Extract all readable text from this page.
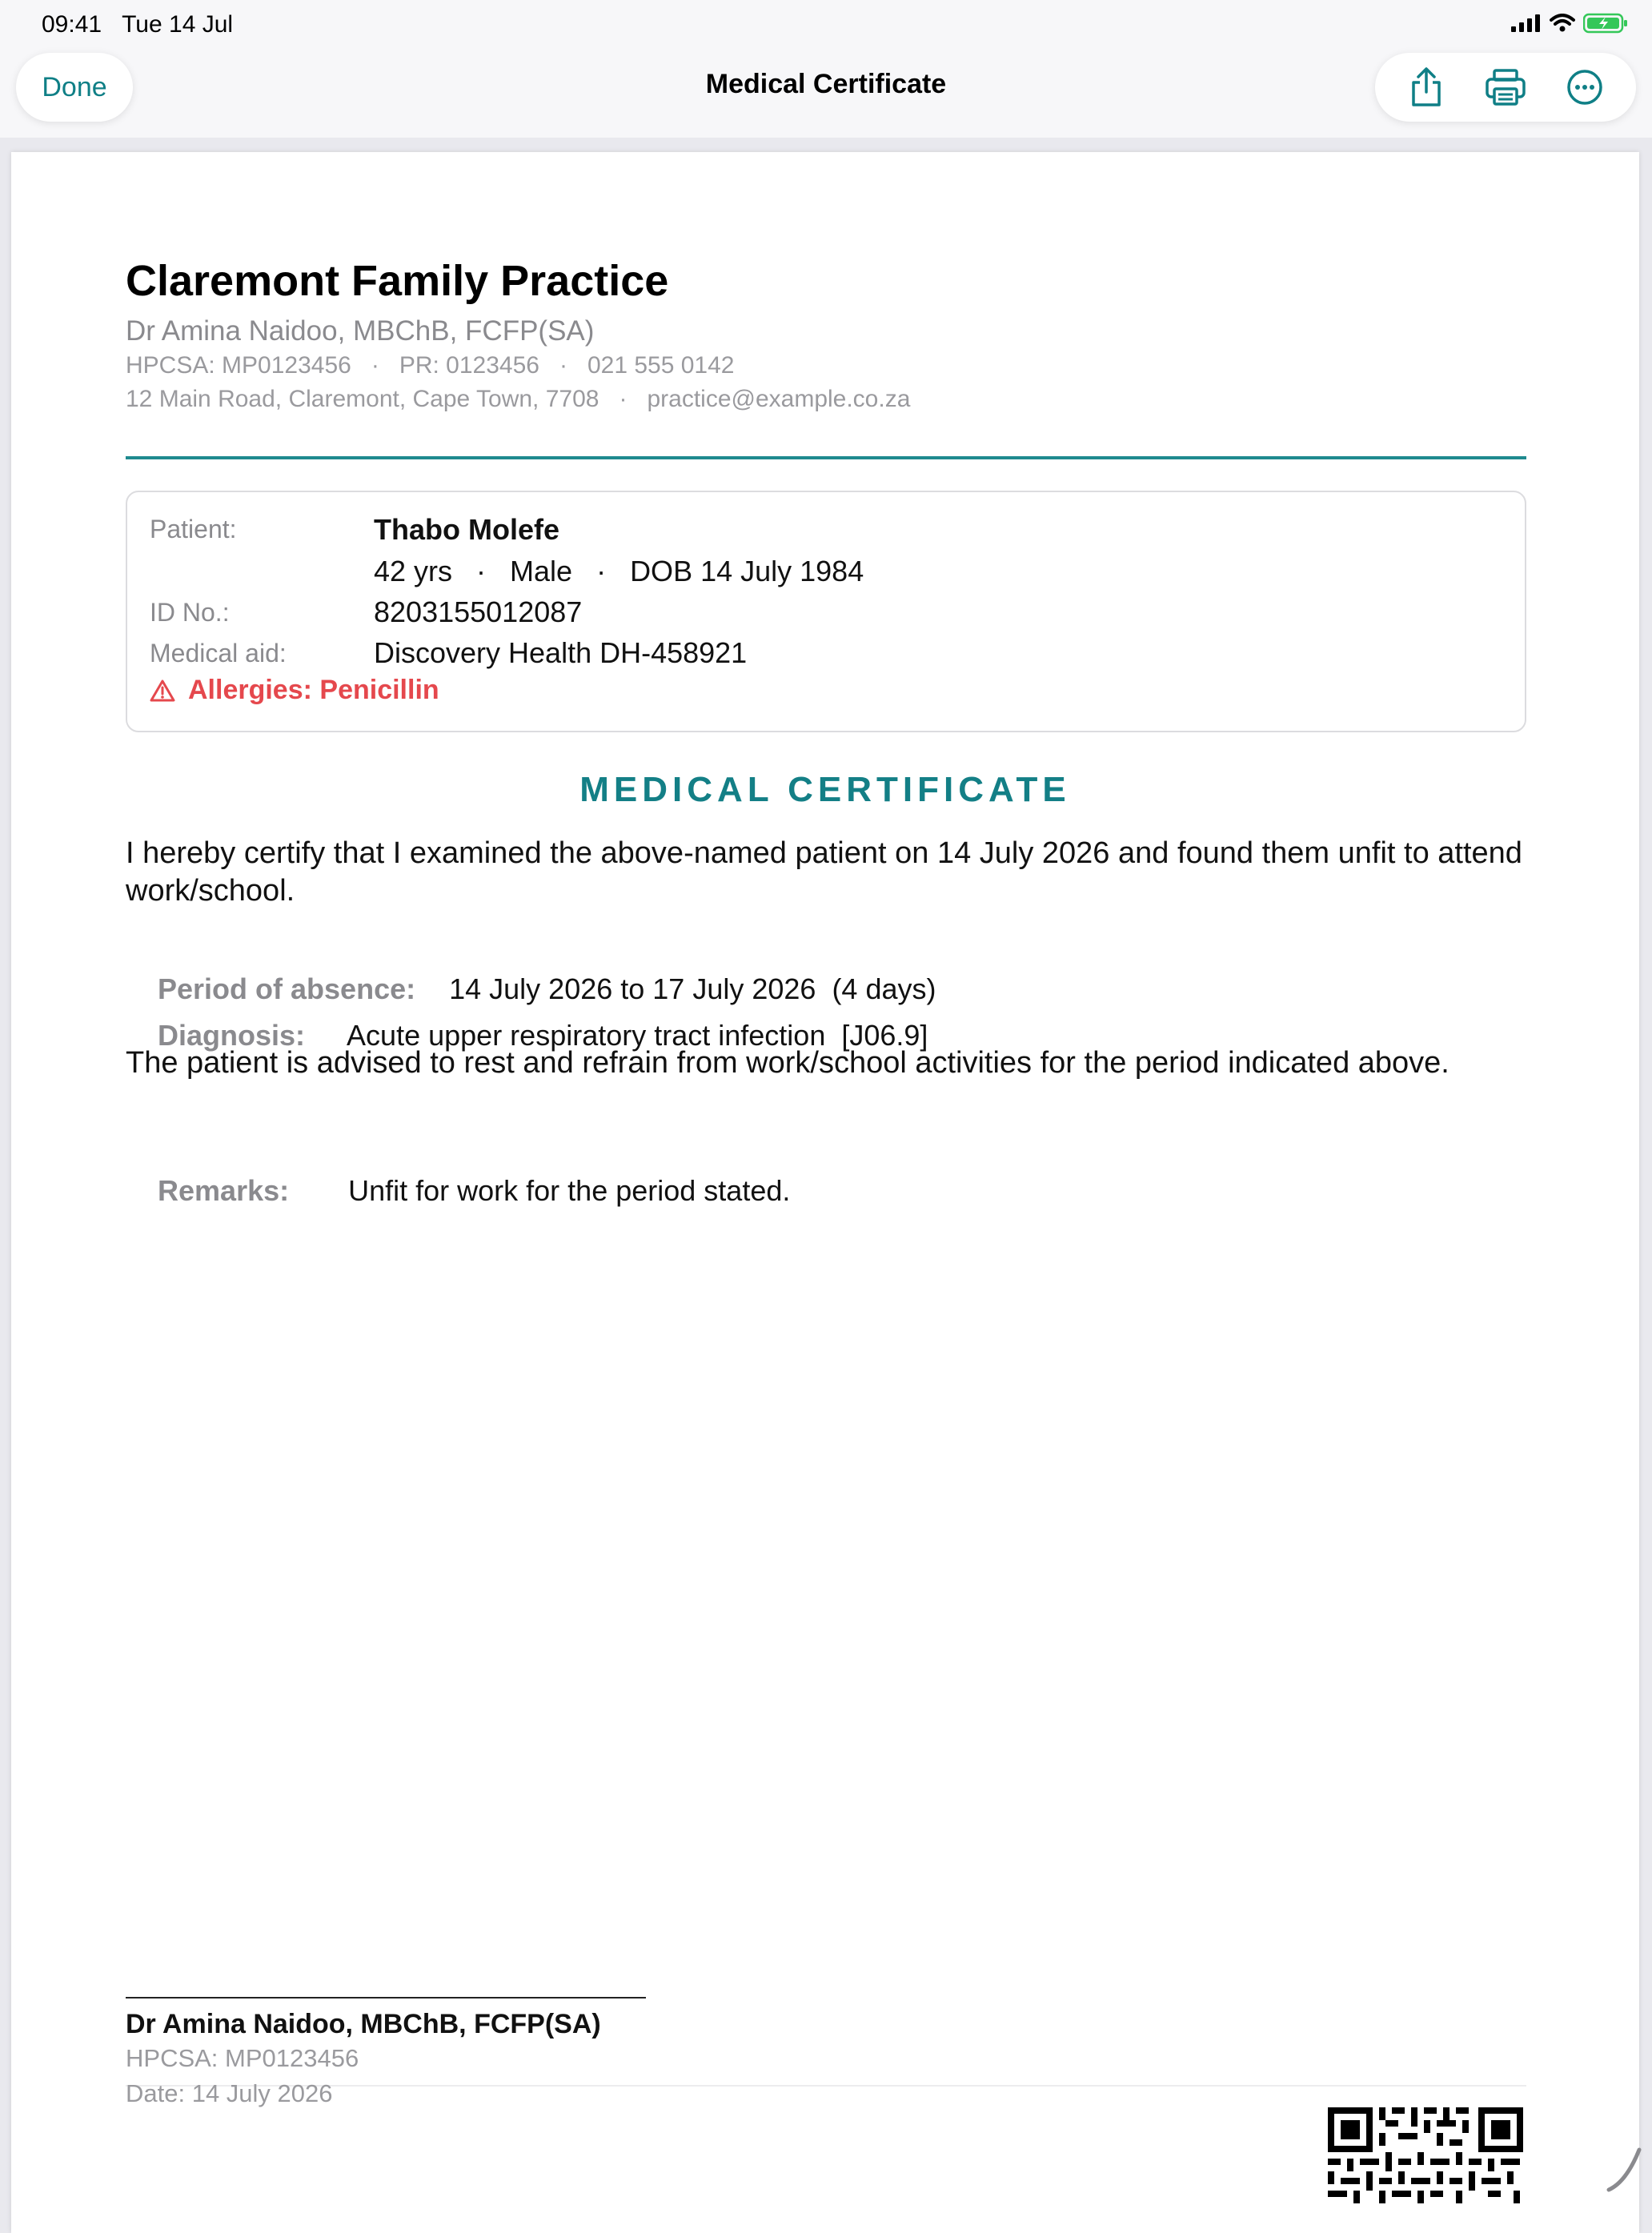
09:41 Tue 14 Jul
Done	Medical Certificate
Claremont Family Practice
Dr Amina Naidoo, MBChB, FCFP(SA)
HPCSA: MP0123456   ·   PR: 0123456   ·   021 555 0142
12 Main Road, Claremont, Cape Town, 7708   ·   practice@example.co.za
Patient:	Thabo Molefe
42 yrs   ·   Male   ·   DOB 14 July 1984
ID No.:	8203155012087
Medical aid:	Discovery Health DH-458921
Allergies: Penicillin
MEDICAL CERTIFICATE
I hereby certify that I examined the above-named patient on 14 July 2026 and found them unfit to attend work/school.

Period of absence: 14 July 2026 to 17 July 2026  (4 days)

Diagnosis: Acute upper respiratory tract infection  [J06.9]

The patient is advised to rest and refrain from work/school activities for the period indicated above.

Remarks: Unfit for work for the period stated.

Dr Amina Naidoo, MBChB, FCFP(SA)
HPCSA: MP0123456
Date: 14 July 2026
